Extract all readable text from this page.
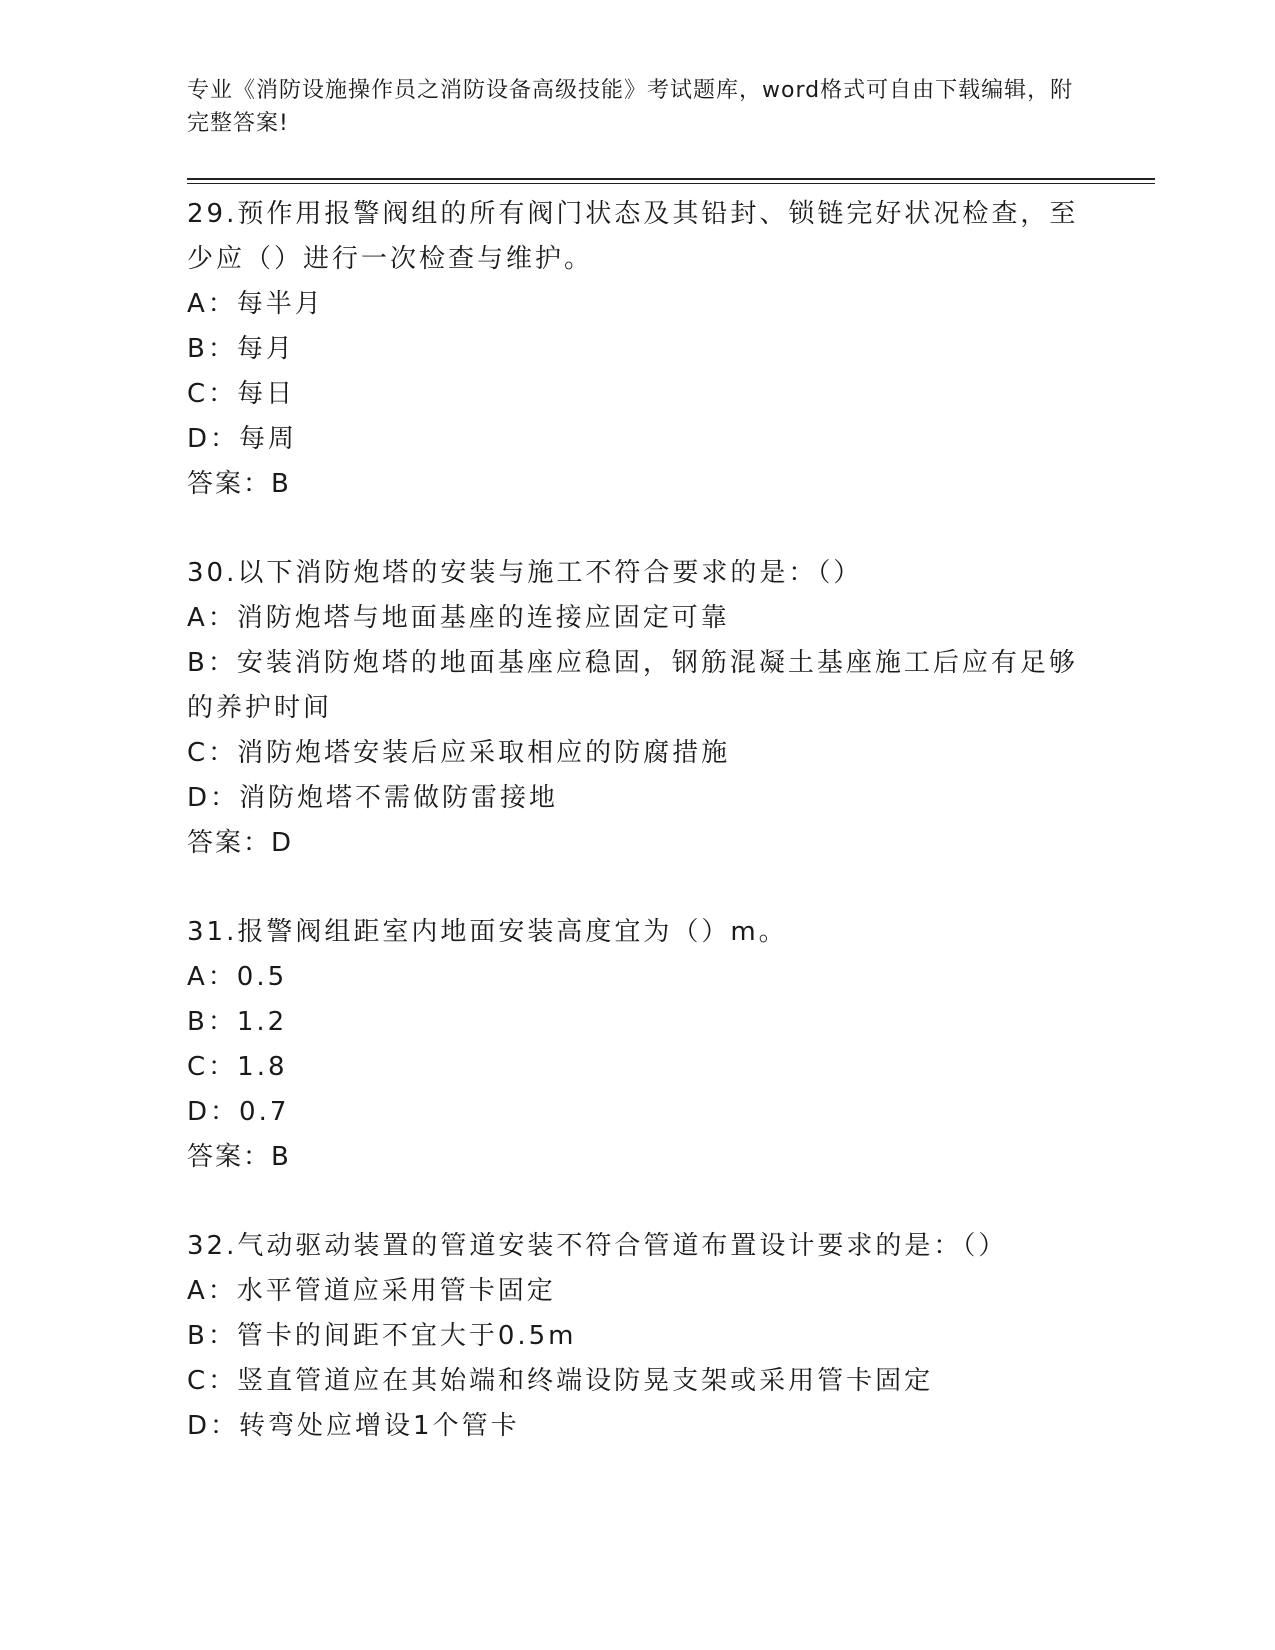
专业《消防设施操作员之消防设备高级技能》考试题库，word格式可自由下载编辑，附完整答案!
29.预作用报警阀组的所有阀门状态及其铅封、锁链完好状况检查，至少应（）进行一次检查与维护。
A：每半月
B：每月
C：每日
D：每周
答案：B
30.以下消防炮塔的安装与施工不符合要求的是：（）
A：消防炮塔与地面基座的连接应固定可靠
B：安装消防炮塔的地面基座应稳固，钢筋混凝土基座施工后应有足够的养护时间
C：消防炮塔安装后应采取相应的防腐措施
D：消防炮塔不需做防雷接地
答案：D
31.报警阀组距室内地面安装高度宜为（）m。
A：0.5
B：1.2
C：1.8
D：0.7
答案：B
32.气动驱动装置的管道安装不符合管道布置设计要求的是：（）
A：水平管道应采用管卡固定
B：管卡的间距不宜大于0.5m
C：竖直管道应在其始端和终端设防晃支架或采用管卡固定
D：转弯处应增设1个管卡
